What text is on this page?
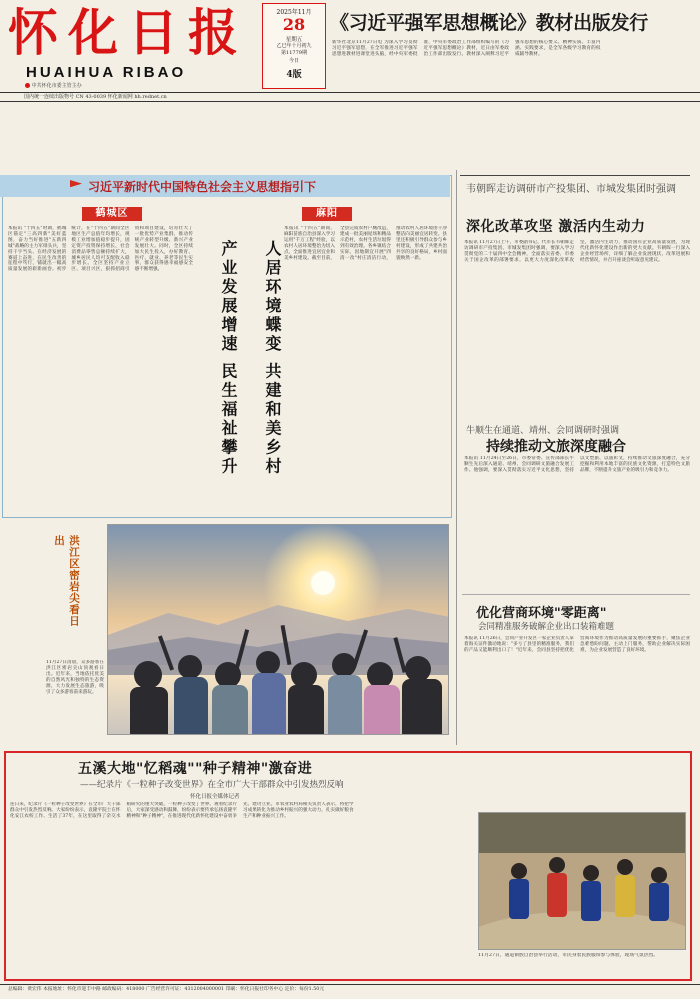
怀化日报
HUAIHUA RIBAO
中共怀化市委主管主办
2025年11月
28
星期五
乙巳年十月初九
第11779期
今日
4版
《习近平强军思想概论》教材出版发行
新华社北京11月27日电 为深入学习贯彻习近平强军思想，在全军推进习近平强军思想进教材进课堂进头脑，经中央军委批准，中央军委政治工作部组织编写的《习近平强军思想概论》教材，近日由军委政治工作部出版发行。教材深入阐释习近平强军思想的核心要义、精神实质、丰富内涵、实践要求，是全军各级学习教育的权威辅导教材。
国内统一连续出版物号 CN 43-0039 怀化新闻网 hh.rednet.cn
习近平新时代中国特色社会主义思想指引下
鹤城区
本报讯 "十四五"时期，鹤城区锚定"三高四新"美好蓝图，奋力当好推进"五新四城"战略的主力军排头兵，坚持干字当头、在经济发展的赛道上奋进，在民生改善的征程中笃行，铺就出一幅高质量发展的崭新画卷。初步统计，在"十四五"期间全区地区生产总值年均增长，规模工业增加值稳步提升，固定资产投资保持增长，社会消费品零售总额持续扩大，城乡居民人均可支配收入稳步增长。全区坚持产业立区、项目兴区，狠抓招商引资和项目建设，培育壮大了一批优势产业集群，推动传统产业转型升级、新兴产业发展壮大。同时，全区持续加大民生投入，办好教育、医疗、就业、养老等民生实事，群众获得感幸福感安全感不断增强。	产业发展增速 民生福祉攀升
麻阳
人居环境蝶变 共建和美乡村
本报讯 "十四五"期间，麻阳苗族自治县深入学习运用"千万工程"经验，以农村人居环境整治为切入点，全面推进宜居宜业和美乡村建设。截至目前，全县完成农村户厕改造，建成一批美丽屋场和精品示范村，农村生活垃圾得到有效治理。各乡镇结合实际，因地制宜开展"四清一改"村庄清洁行动，推动农村人居环境由干净整洁向美丽宜居转变。县里还积极引导群众参与乡村建设，形成了共建共治共享的良好格局，乡村面貌焕然一新。
洪江区密岩尖看日出
11月27日清晨，众多游客在洪江区密岩尖山顶观看日出。近年来，当地依托优美的自然风光和独特的生态资源，大力发展生态旅游，吸引了众多游客前来游玩。
韦朝晖走访调研市产投集团、市城发集团时强调
深化改革攻坚 激活内生动力
本报讯 11月27日上午，市委副书记、代市长韦朝晖走访调研市产投集团、市城发集团时强调，要深入学习贯彻党的二十届四中全会精神，全面落实省委、市委关于国企改革的部署要求，以更大力度深化改革攻坚，激活内生动力，推动国有企业高质量发展，为现代化新怀化建设作出新的更大贡献。韦朝晖一行深入企业经营场所，详细了解企业发展现状、改革进展和经营情况，并召开座谈会听取意见建议。
牛顺生在通道、靖州、会同调研时强调
持续推动文旅深度融合
本报讯 11月24日至26日，市委常委、宣传部部长牛顺生先后深入通道、靖州、会同调研文旅融合发展工作。他强调，要深入贯彻落实习近平文化思想，坚持以文塑旅、以旅彰文，持续推动文旅深度融合，充分挖掘和利用本地丰富的民族文化资源，打造特色文旅品牌，不断提升文旅产业的吸引力和竞争力。
优化营商环境"零距离"
会同精准服务破解企业出口装箱难题
本报讯 11月26日，会同产业开发区一家企业负责人拿着海关证件激动地说："多亏了县里的精准服务，我们的产品又能顺利出口了！"近年来，会同县坚持把优化营商环境作为推动高质量发展的重要抓手，聚焦企业急难愁盼问题，主动上门服务，帮助企业解决实际困难，为企业发展营造了良好环境。
五溪大地"忆稻魂""种子精神"激奋进
——纪录片《一粒种子改变世界》在全市广大干部群众中引发热烈反响
怀化日报全媒体记者
连日来，纪录片《一粒种子改变世界》在全市广大干部群众中引发热烈反响。大家纷纷表示，袁隆平院士在怀化安江农校工作、生活了37年，在这里取得了杂交水稻研究的重大突破，一粒种子改变了世界。观看纪录片后，大家深受感动和鼓舞，纷纷表示要传承弘扬袁隆平精神和"种子精神"，在推进现代化新怀化建设中奋勇争先、建功立业。市农业农村局相关负责人表示，将把学习成果转化为推动乡村振兴的强大动力，扎实做好粮食生产和种业振兴工作。
11月27日，通道侗族自治县举行活动，市民身着民族服饰参与体验，现场气氛热烈。
总编辑：黄宏伟 本报地址：怀化市迎丰中路 邮政编码：418000 广告经营许可证：4312004000001 印刷：怀化日报社印务中心 定价：每份1.50元
